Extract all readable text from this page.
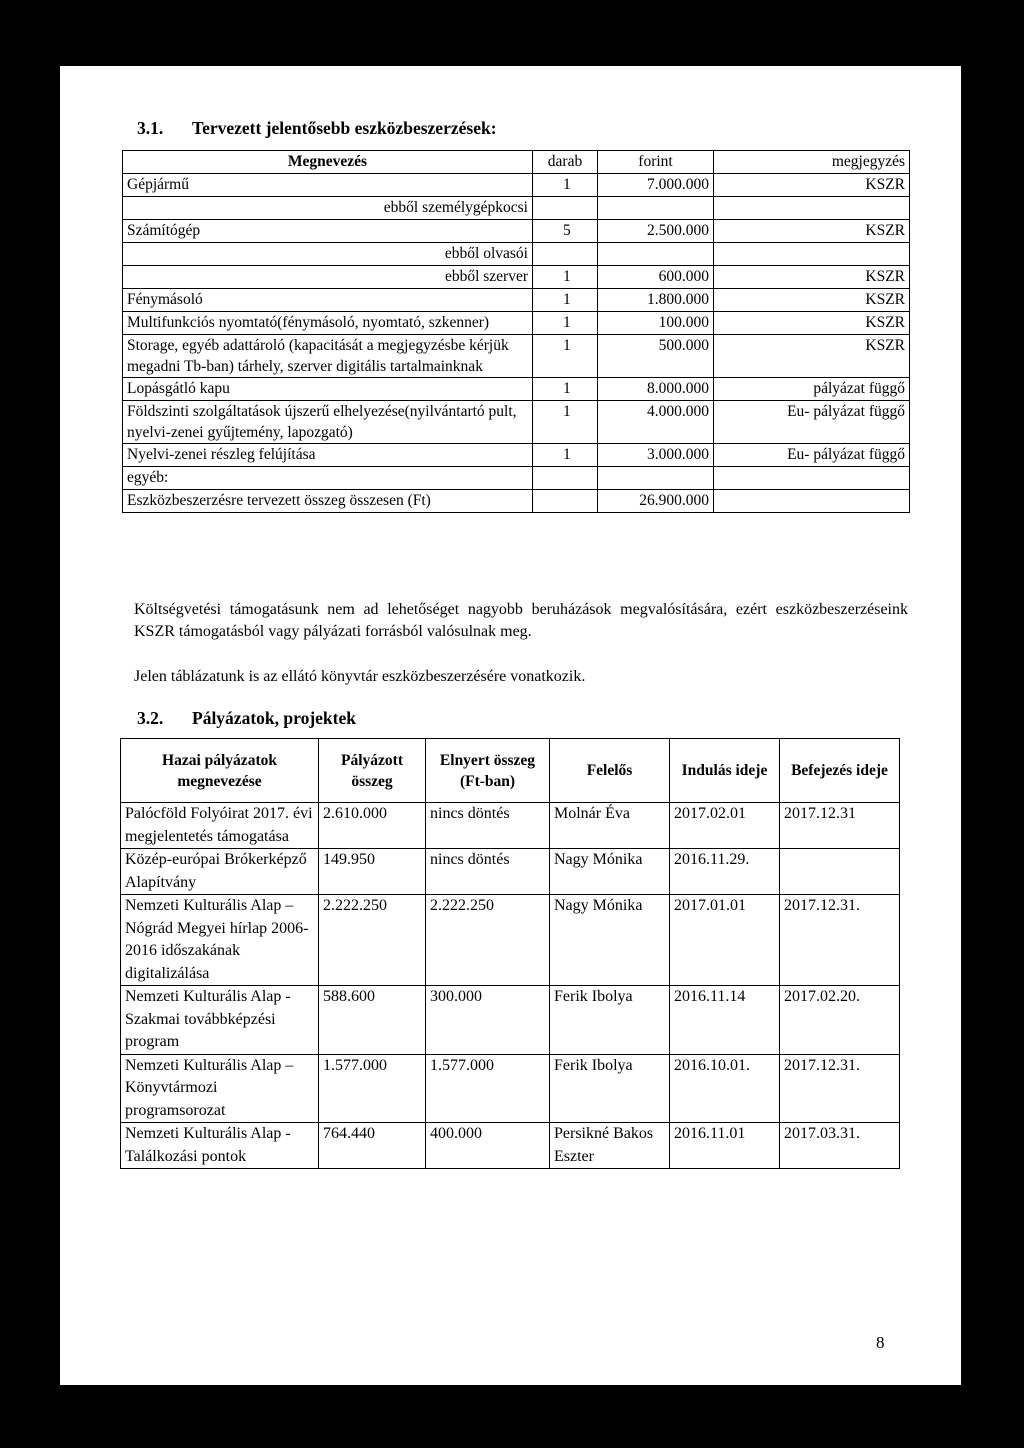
3.1. Tervezett jelentősebb eszközbeszerzések:
Megnevezés	darab	forint	megjegyzés
Gépjármű	1	7.000.000	KSZR
ebből személygépkocsi			
Számítógép	5	2.500.000	KSZR
ebből olvasói			
ebből szerver	1	600.000	KSZR
Fénymásoló	1	1.800.000	KSZR
Multifunkciós nyomtató(fénymásoló, nyomtató, szkenner)	1	100.000	KSZR
Storage, egyéb adattároló (kapacitását a megjegyzésbe kérjük megadni Tb-ban) tárhely, szerver digitális tartalmainknak	1	500.000	KSZR
Lopásgátló kapu	1	8.000.000	pályázat függő
Földszinti szolgáltatások újszerű elhelyezése(nyilvántartó pult, nyelvi-zenei gyűjtemény, lapozgató)	1	4.000.000	Eu- pályázat függő
Nyelvi-zenei részleg felújítása	1	3.000.000	Eu- pályázat függő
egyéb:			
Eszközbeszerzésre tervezett összeg összesen (Ft)		26.900.000	
Költségvetési támogatásunk nem ad lehetőséget nagyobb beruházások megvalósítására, ezért eszközbeszerzéseink KSZR támogatásból vagy pályázati forrásból valósulnak meg.
Jelen táblázatunk is az ellátó könyvtár eszközbeszerzésére vonatkozik.
3.2. Pályázatok, projektek
Hazai pályázatok megnevezése	Pályázott összeg	Elnyert összeg (Ft-ban)	Felelős	Indulás ideje	Befejezés ideje
Palócföld Folyóirat 2017. évi megjelentetés támogatása	2.610.000	nincs döntés	Molnár Éva	2017.02.01	2017.12.31
Közép-európai Brókerképző Alapítvány	149.950	nincs döntés	Nagy Mónika	2016.11.29.	
Nemzeti Kulturális Alap – Nógrád Megyei hírlap 2006-2016 időszakának digitalizálása	2.222.250	2.222.250	Nagy Mónika	2017.01.01	2017.12.31.
Nemzeti Kulturális Alap - Szakmai továbbképzési program	588.600	300.000	Ferik Ibolya	2016.11.14	2017.02.20.
Nemzeti Kulturális Alap – Könyvtármozi programsorozat	1.577.000	1.577.000	Ferik Ibolya	2016.10.01.	2017.12.31.
Nemzeti Kulturális Alap -Találkozási pontok	764.440	400.000	Persikné Bakos Eszter	2016.11.01	2017.03.31.
8
